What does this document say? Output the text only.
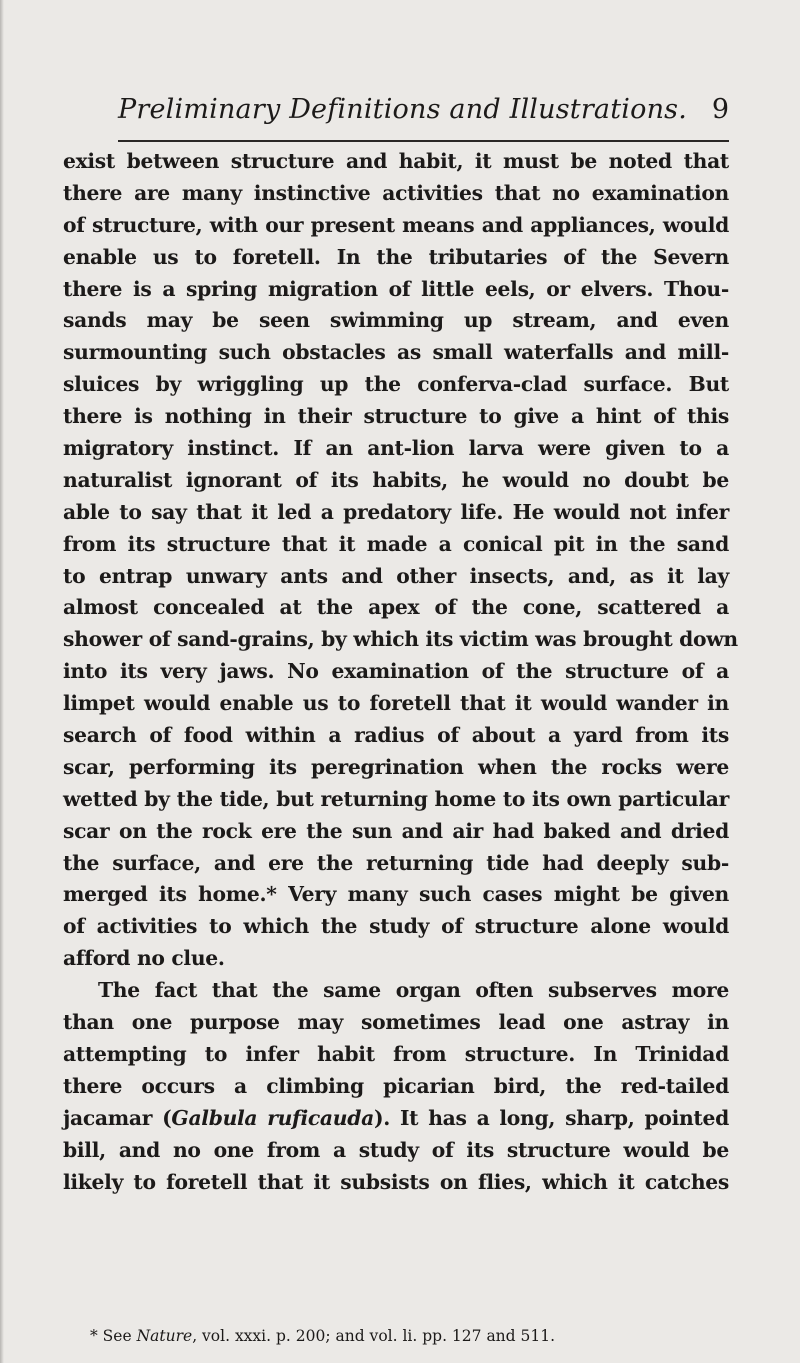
Preliminary Definitions and Illustrations. 9
exist between structure and habit, it must be noted that
there are many instinctive activities that no examination
of structure, with our present means and appliances, would
enable us to foretell. In the tributaries of the Severn
there is a spring migration of little eels, or elvers. Thou-
sands may be seen swimming up stream, and even
surmounting such obstacles as small waterfalls and mill-
sluices by wriggling up the conferva-clad surface. But
there is nothing in their structure to give a hint of this
migratory instinct. If an ant-lion larva were given to a
naturalist ignorant of its habits, he would no doubt be
able to say that it led a predatory life. He would not infer
from its structure that it made a conical pit in the sand
to entrap unwary ants and other insects, and, as it lay
almost concealed at the apex of the cone, scattered a
shower of sand-grains, by which its victim was brought down
into its very jaws. No examination of the structure of a
limpet would enable us to foretell that it would wander in
search of food within a radius of about a yard from its
scar, performing its peregrination when the rocks were
wetted by the tide, but returning home to its own particular
scar on the rock ere the sun and air had baked and dried
the surface, and ere the returning tide had deeply sub-
merged its home.* Very many such cases might be given
of activities to which the study of structure alone would
afford no clue.
The fact that the same organ often subserves more
than one purpose may sometimes lead one astray in
attempting to infer habit from structure. In Trinidad
there occurs a climbing picarian bird, the red-tailed
jacamar (Galbula ruficauda). It has a long, sharp, pointed
bill, and no one from a study of its structure would be
likely to foretell that it subsists on flies, which it catches
* See Nature, vol. xxxi. p. 200; and vol. li. pp. 127 and 511.
